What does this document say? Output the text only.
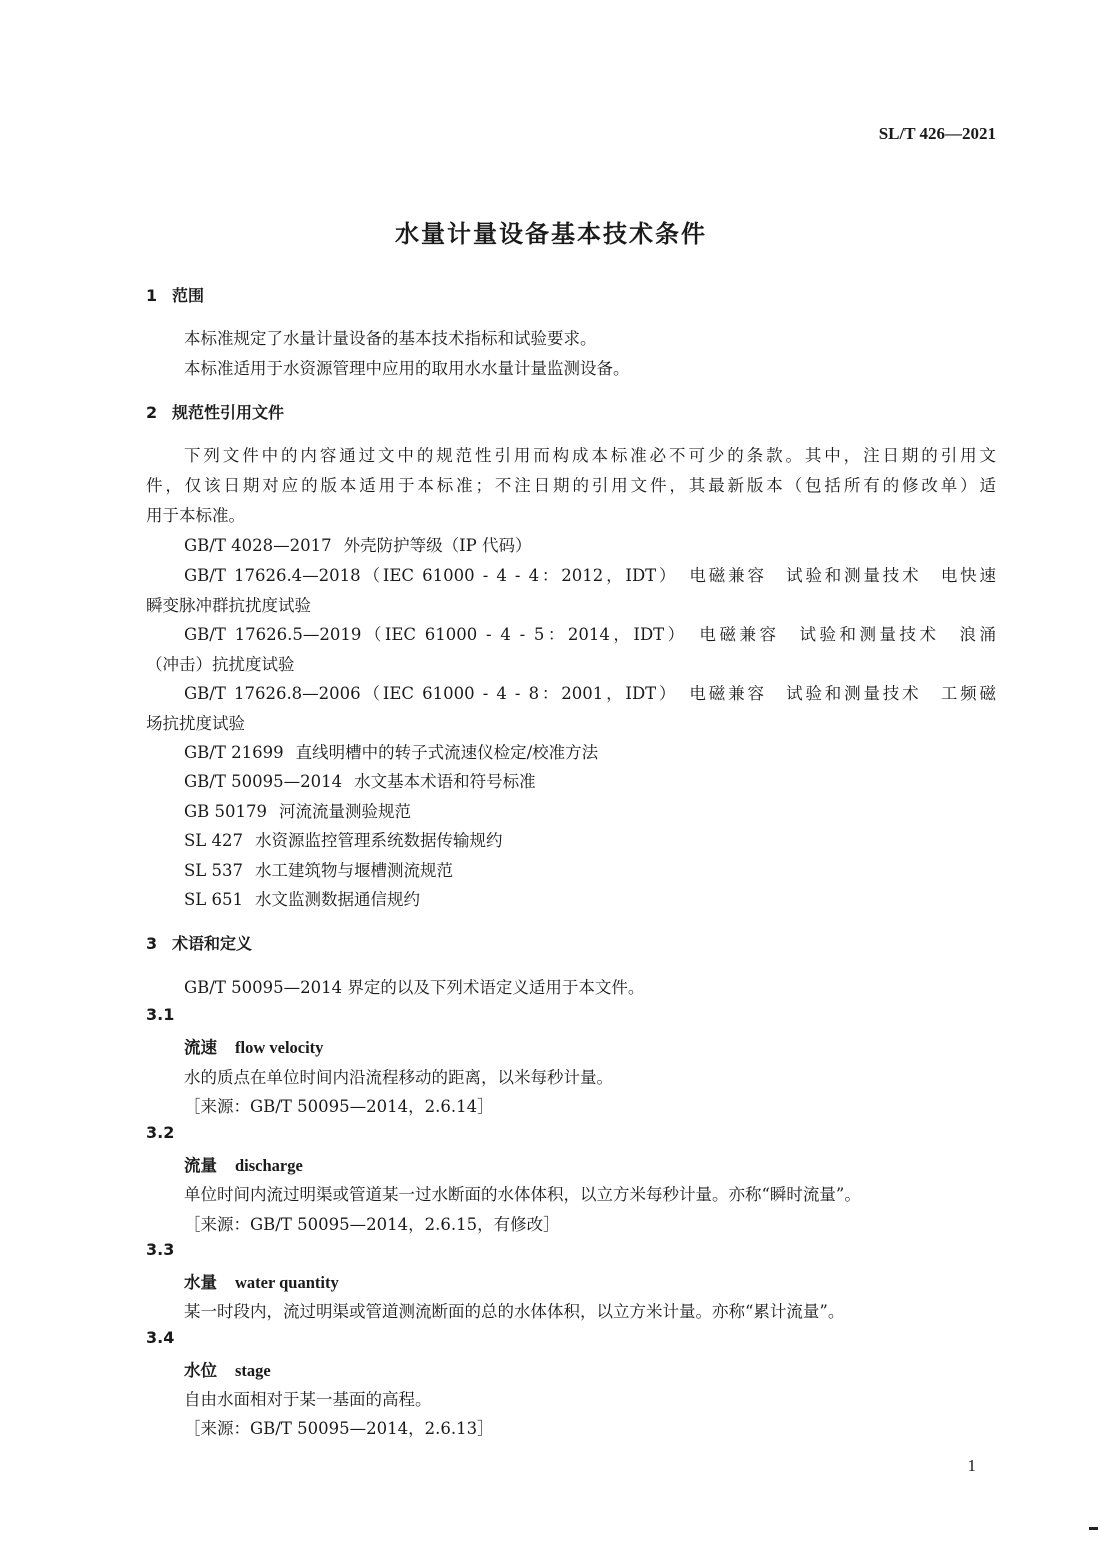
SL/T 426—2021
水量计量设备基本技术条件
1 范围
本标准规定了水量计量设备的基本技术指标和试验要求。
本标准适用于水资源管理中应用的取用水水量计量监测设备。
2 规范性引用文件
下列文件中的内容通过文中的规范性引用而构成本标准必不可少的条款。其中，注日期的引用文
件，仅该日期对应的版本适用于本标准；不注日期的引用文件，其最新版本（包括所有的修改单）适
用于本标准。
GB/T 4028—2017 外壳防护等级（IP 代码）
GB/T 17626.4—2018（IEC 61000 - 4 - 4：2012，IDT）　电磁兼容　试验和测量技术　电快速
瞬变脉冲群抗扰度试验
GB/T 17626.5—2019（IEC 61000 - 4 - 5：2014，IDT）　电磁兼容　试验和测量技术　浪涌
（冲击）抗扰度试验
GB/T 17626.8—2006（IEC 61000 - 4 - 8：2001，IDT）　电磁兼容　试验和测量技术　工频磁
场抗扰度试验
GB/T 21699 直线明槽中的转子式流速仪检定/校准方法
GB/T 50095—2014 水文基本术语和符号标准
GB 50179 河流流量测验规范
SL 427 水资源监控管理系统数据传输规约
SL 537 水工建筑物与堰槽测流规范
SL 651 水文监测数据通信规约
3 术语和定义
GB/T 50095—2014 界定的以及下列术语定义适用于本文件。
3.1
流速 flow velocity
水的质点在单位时间内沿流程移动的距离，以米每秒计量。
［来源：GB/T 50095—2014，2.6.14］
3.2
流量 discharge
单位时间内流过明渠或管道某一过水断面的水体体积，以立方米每秒计量。亦称“瞬时流量”。
［来源：GB/T 50095—2014，2.6.15，有修改］
3.3
水量 water quantity
某一时段内，流过明渠或管道测流断面的总的水体体积，以立方米计量。亦称“累计流量”。
3.4
水位 stage
自由水面相对于某一基面的高程。
［来源：GB/T 50095—2014，2.6.13］
1
